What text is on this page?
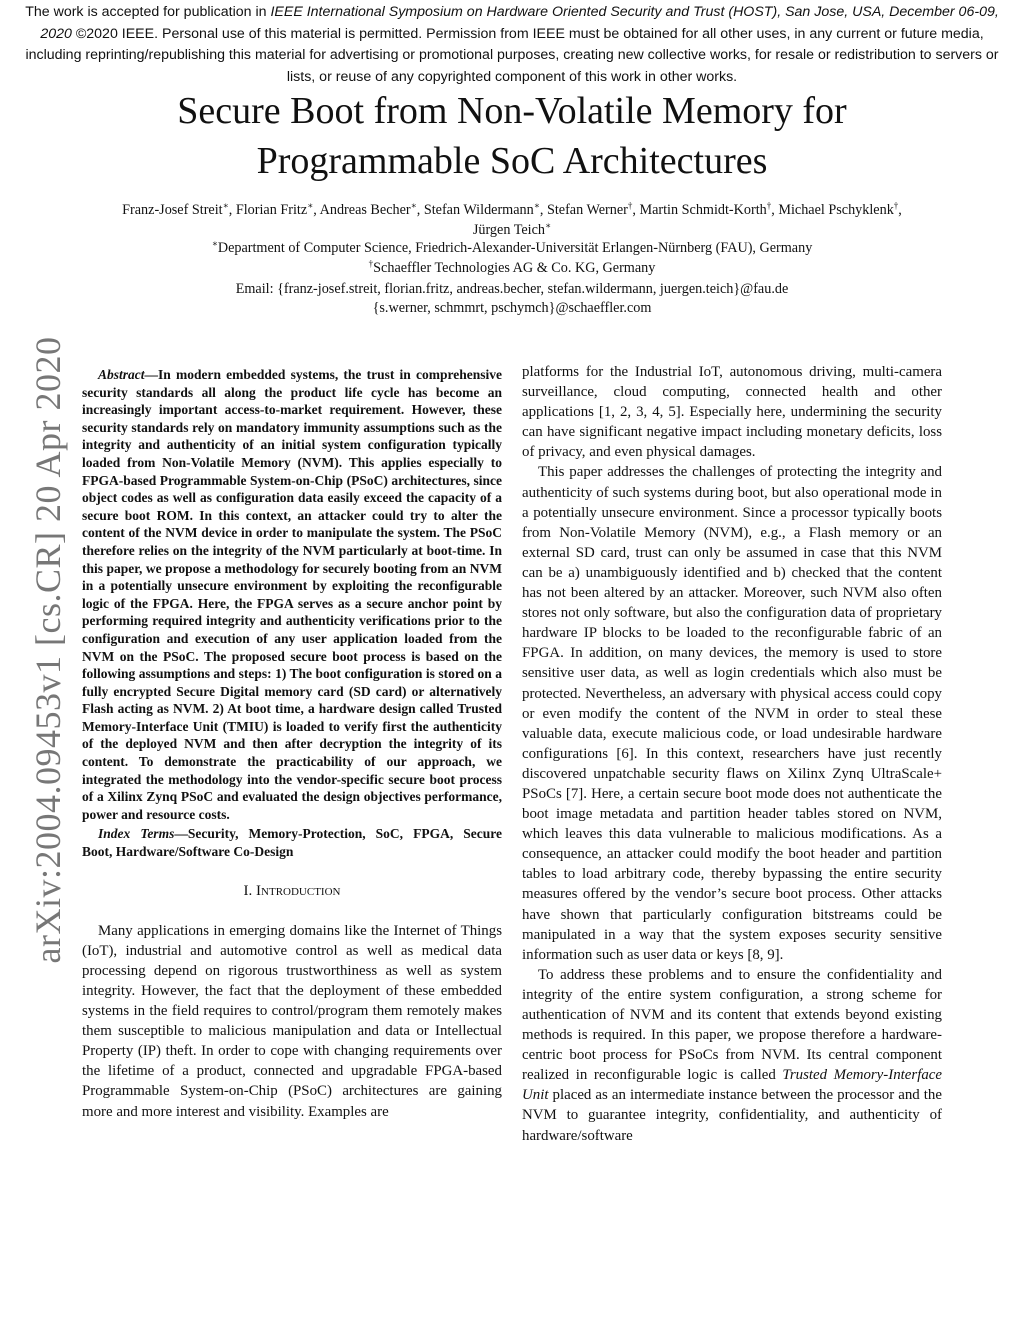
The work is accepted for publication in IEEE International Symposium on Hardware Oriented Security and Trust (HOST), San Jose, USA, December 06-09, 2020 ©2020 IEEE. Personal use of this material is permitted. Permission from IEEE must be obtained for all other uses, in any current or future media, including reprinting/republishing this material for advertising or promotional purposes, creating new collective works, for resale or redistribution to servers or lists, or reuse of any copyrighted component of this work in other works.
Secure Boot from Non-Volatile Memory for
Programmable SoC Architectures
Franz-Josef Streit∗, Florian Fritz∗, Andreas Becher∗, Stefan Wildermann∗, Stefan Werner†, Martin Schmidt-Korth†, Michael Pschyklenk†,
Jürgen Teich∗
∗Department of Computer Science, Friedrich-Alexander-Universität Erlangen-Nürnberg (FAU), Germany
†Schaeffler Technologies AG & Co. KG, Germany
Email: {franz-josef.streit, florian.fritz, andreas.becher, stefan.wildermann, juergen.teich}@fau.de
{s.werner, schmmrt, pschymch}@schaeffler.com
arXiv:2004.09453v1 [cs.CR] 20 Apr 2020	Abstract—In modern embedded systems, the trust in comprehensive security standards all along the product life cycle has become an increasingly important access-to-market requirement. However, these security standards rely on mandatory immunity assumptions such as the integrity and authenticity of an initial system configuration typically loaded from Non-Volatile Memory (NVM). This applies especially to FPGA-based Programmable System-on-Chip (PSoC) architectures, since object codes as well as configuration data easily exceed the capacity of a secure boot ROM. In this context, an attacker could try to alter the content of the NVM device in order to manipulate the system. The PSoC therefore relies on the integrity of the NVM particularly at boot-time. In this paper, we propose a methodology for securely booting from an NVM in a potentially unsecure environment by exploiting the reconfigurable logic of the FPGA. Here, the FPGA serves as a secure anchor point by performing required integrity and authenticity verifications prior to the configuration and execution of any user application loaded from the NVM on the PSoC. The proposed secure boot process is based on the following assumptions and steps: 1) The boot configuration is stored on a fully encrypted Secure Digital memory card (SD card) or alternatively Flash acting as NVM. 2) At boot time, a hardware design called Trusted Memory-Interface Unit (TMIU) is loaded to verify first the authenticity of the deployed NVM and then after decryption the integrity of its content. To demonstrate the practicability of our approach, we integrated the methodology into the vendor-specific secure boot process of a Xilinx Zynq PSoC and evaluated the design objectives performance, power and resource costs.

Index Terms—Security, Memory-Protection, SoC, FPGA, Secure Boot, Hardware/Software Co-Design

I. Introduction

Many applications in emerging domains like the Internet of Things (IoT), industrial and automotive control as well as medical data processing depend on rigorous trustworthiness as well as system integrity. However, the fact that the deployment of these embedded systems in the field requires to control/program them remotely makes them susceptible to malicious manipulation and data or Intellectual Property (IP) theft. In order to cope with changing requirements over the lifetime of a product, connected and upgradable FPGA-based Programmable System-on-Chip (PSoC) architectures are gaining more and more interest and visibility. Examples are

platforms for the Industrial IoT, autonomous driving, multi-camera surveillance, cloud computing, connected health and other applications [1, 2, 3, 4, 5]. Especially here, undermining the security can have significant negative impact including monetary deficits, loss of privacy, and even physical damages.

This paper addresses the challenges of protecting the integrity and authenticity of such systems during boot, but also operational mode in a potentially unsecure environment. Since a processor typically boots from Non-Volatile Memory (NVM), e.g., a Flash memory or an external SD card, trust can only be assumed in case that this NVM can be a) unambiguously identified and b) checked that the content has not been altered by an attacker. Moreover, such NVM also often stores not only software, but also the configuration data of proprietary hardware IP blocks to be loaded to the reconfigurable fabric of an FPGA. In addition, on many devices, the memory is used to store sensitive user data, as well as login credentials which also must be protected. Nevertheless, an adversary with physical access could copy or even modify the content of the NVM in order to steal these valuable data, execute malicious code, or load undesirable hardware configurations [6]. In this context, researchers have just recently discovered unpatchable security flaws on Xilinx Zynq UltraScale+ PSoCs [7]. Here, a certain secure boot mode does not authenticate the boot image metadata and partition header tables stored on NVM, which leaves this data vulnerable to malicious modifications. As a consequence, an attacker could modify the boot header and partition tables to load arbitrary code, thereby bypassing the entire security measures offered by the vendor’s secure boot process. Other attacks have shown that particularly configuration bitstreams could be manipulated in a way that the system exposes security sensitive information such as user data or keys [8, 9].

To address these problems and to ensure the confidentiality and integrity of the entire system configuration, a strong scheme for authentication of NVM and its content that extends beyond existing methods is required. In this paper, we propose therefore a hardware-centric boot process for PSoCs from NVM. Its central component realized in reconfigurable logic is called Trusted Memory-Interface Unit placed as an intermediate instance between the processor and the NVM to guarantee integrity, confidentiality, and authenticity of hardware/software
